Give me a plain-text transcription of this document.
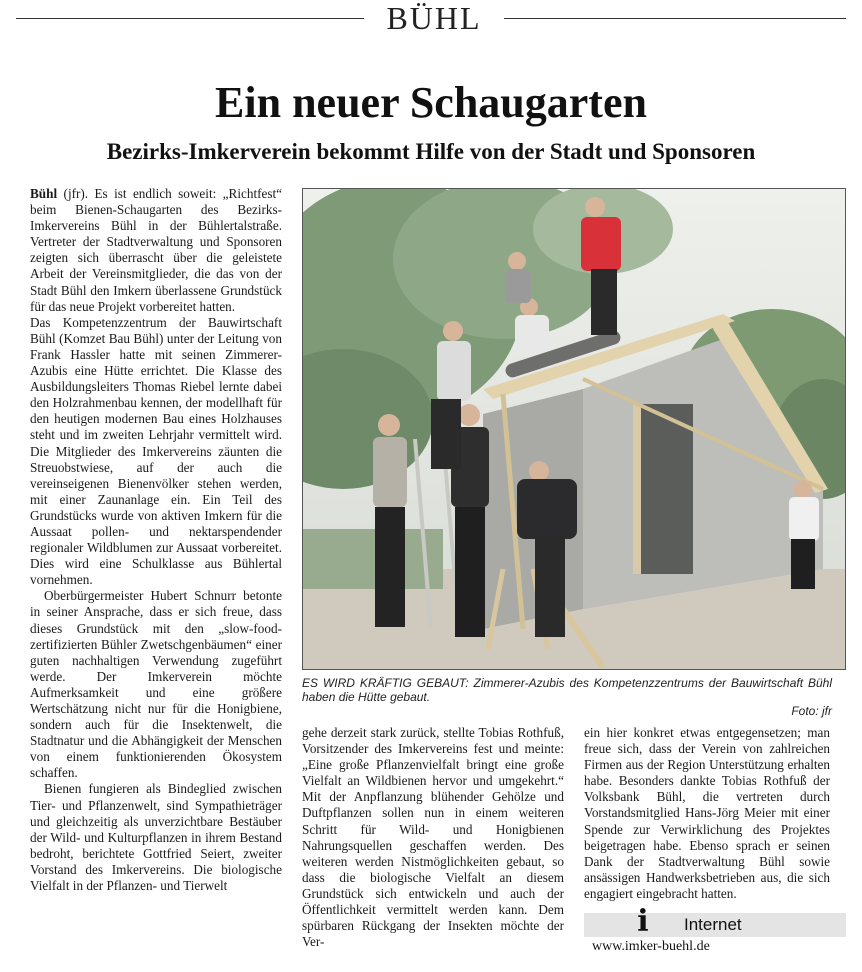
BÜHL
Ein neuer Schaugarten
Bezirks-Imkerverein bekommt Hilfe von der Stadt und Sponsoren

Bühl (jfr). Es ist endlich soweit: „Richtfest“ beim Bienen-Schaugarten des Bezirks-Imkervereins Bühl in der Bühlertalstraße. Vertreter der Stadtverwaltung und Sponsoren zeigten sich überrascht über die geleistete Arbeit der Vereinsmitglieder, die das von der Stadt Bühl den Imkern überlassene Grundstück für das neue Projekt vorbereitet hatten.

Das Kompetenzzentrum der Bauwirtschaft Bühl (Komzet Bau Bühl) unter der Leitung von Frank Hassler hatte mit seinen Zimmerer-Azubis eine Hütte errichtet. Die Klasse des Ausbildungsleiters Thomas Riebel lernte dabei den Holzrahmenbau kennen, der modellhaft für den heutigen modernen Bau eines Holzhauses steht und im zweiten Lehrjahr vermittelt wird. Die Mitglieder des Imkervereins zäunten die Streuobstwiese, auf der auch die vereinseigenen Bienenvölker stehen werden, mit einer Zaunanlage ein. Ein Teil des Grundstücks wurde von aktiven Imkern für die Aussaat pollen- und nektarspendender regionaler Wildblumen zur Aussaat vorbereitet. Dies wird eine Schulklasse aus Bühlertal vornehmen.

Oberbürgermeister Hubert Schnurr betonte in seiner Ansprache, dass er sich freue, dass dieses Grundstück mit den „slow-food-zertifizierten Bühler Zwetschgenbäumen“ einer guten nachhaltigen Verwendung zugeführt werde. Der Imkerverein möchte Aufmerksamkeit und eine größere Wertschätzung nicht nur für die Honigbiene, sondern auch für die Insektenwelt, die Stadtnatur und die Abhängigkeit der Menschen von einem funktionierenden Ökosystem schaffen.

Bienen fungieren als Bindeglied zwischen Tier- und Pflanzenwelt, sind Sympathieträger und gleichzeitig als unverzichtbare Bestäuber der Wild- und Kulturpflanzen in ihrem Bestand bedroht, berichtete Gottfried Seiert, zweiter Vorstand des Imkervereins. Die biologische Vielfalt in der Pflanzen- und Tierwelt

ES WIRD KRÄFTIG GEBAUT: Zimmerer-Azubis des Kompetenzzentrums der Bauwirtschaft Bühl haben die Hütte gebaut.
Foto: jfr

gehe derzeit stark zurück, stellte Tobias Rothfuß, Vorsitzender des Imkervereins fest und meinte: „Eine große Pflanzenvielfalt bringt eine große Vielfalt an Wildbienen hervor und umgekehrt.“ Mit der Anpflanzung blühender Gehölze und Duftpflanzen sollen nun in einem weiteren Schritt für Wild- und Honigbienen Nahrungsquellen geschaffen werden. Des weiteren werden Nistmöglichkeiten gebaut, so dass die biologische Vielfalt an diesem Grundstück sich entwickeln und auch der Öffentlichkeit vermittelt werden kann. Dem spürbaren Rückgang der Insekten möchte der Ver-

ein hier konkret etwas entgegensetzen; man freue sich, dass der Verein von zahlreichen Firmen aus der Region Unterstützung erhalten habe. Besonders dankte Tobias Rothfuß der Volksbank Bühl, die vertreten durch Vorstandsmitglied Hans-Jörg Meier mit einer Spende zur Verwirklichung des Projektes beigetragen habe. Ebenso sprach er seinen Dank der Stadtverwaltung Bühl sowie ansässigen Handwerksbetrieben aus, die sich engagiert eingebracht hatten.

i Internet
www.imker-buehl.de
